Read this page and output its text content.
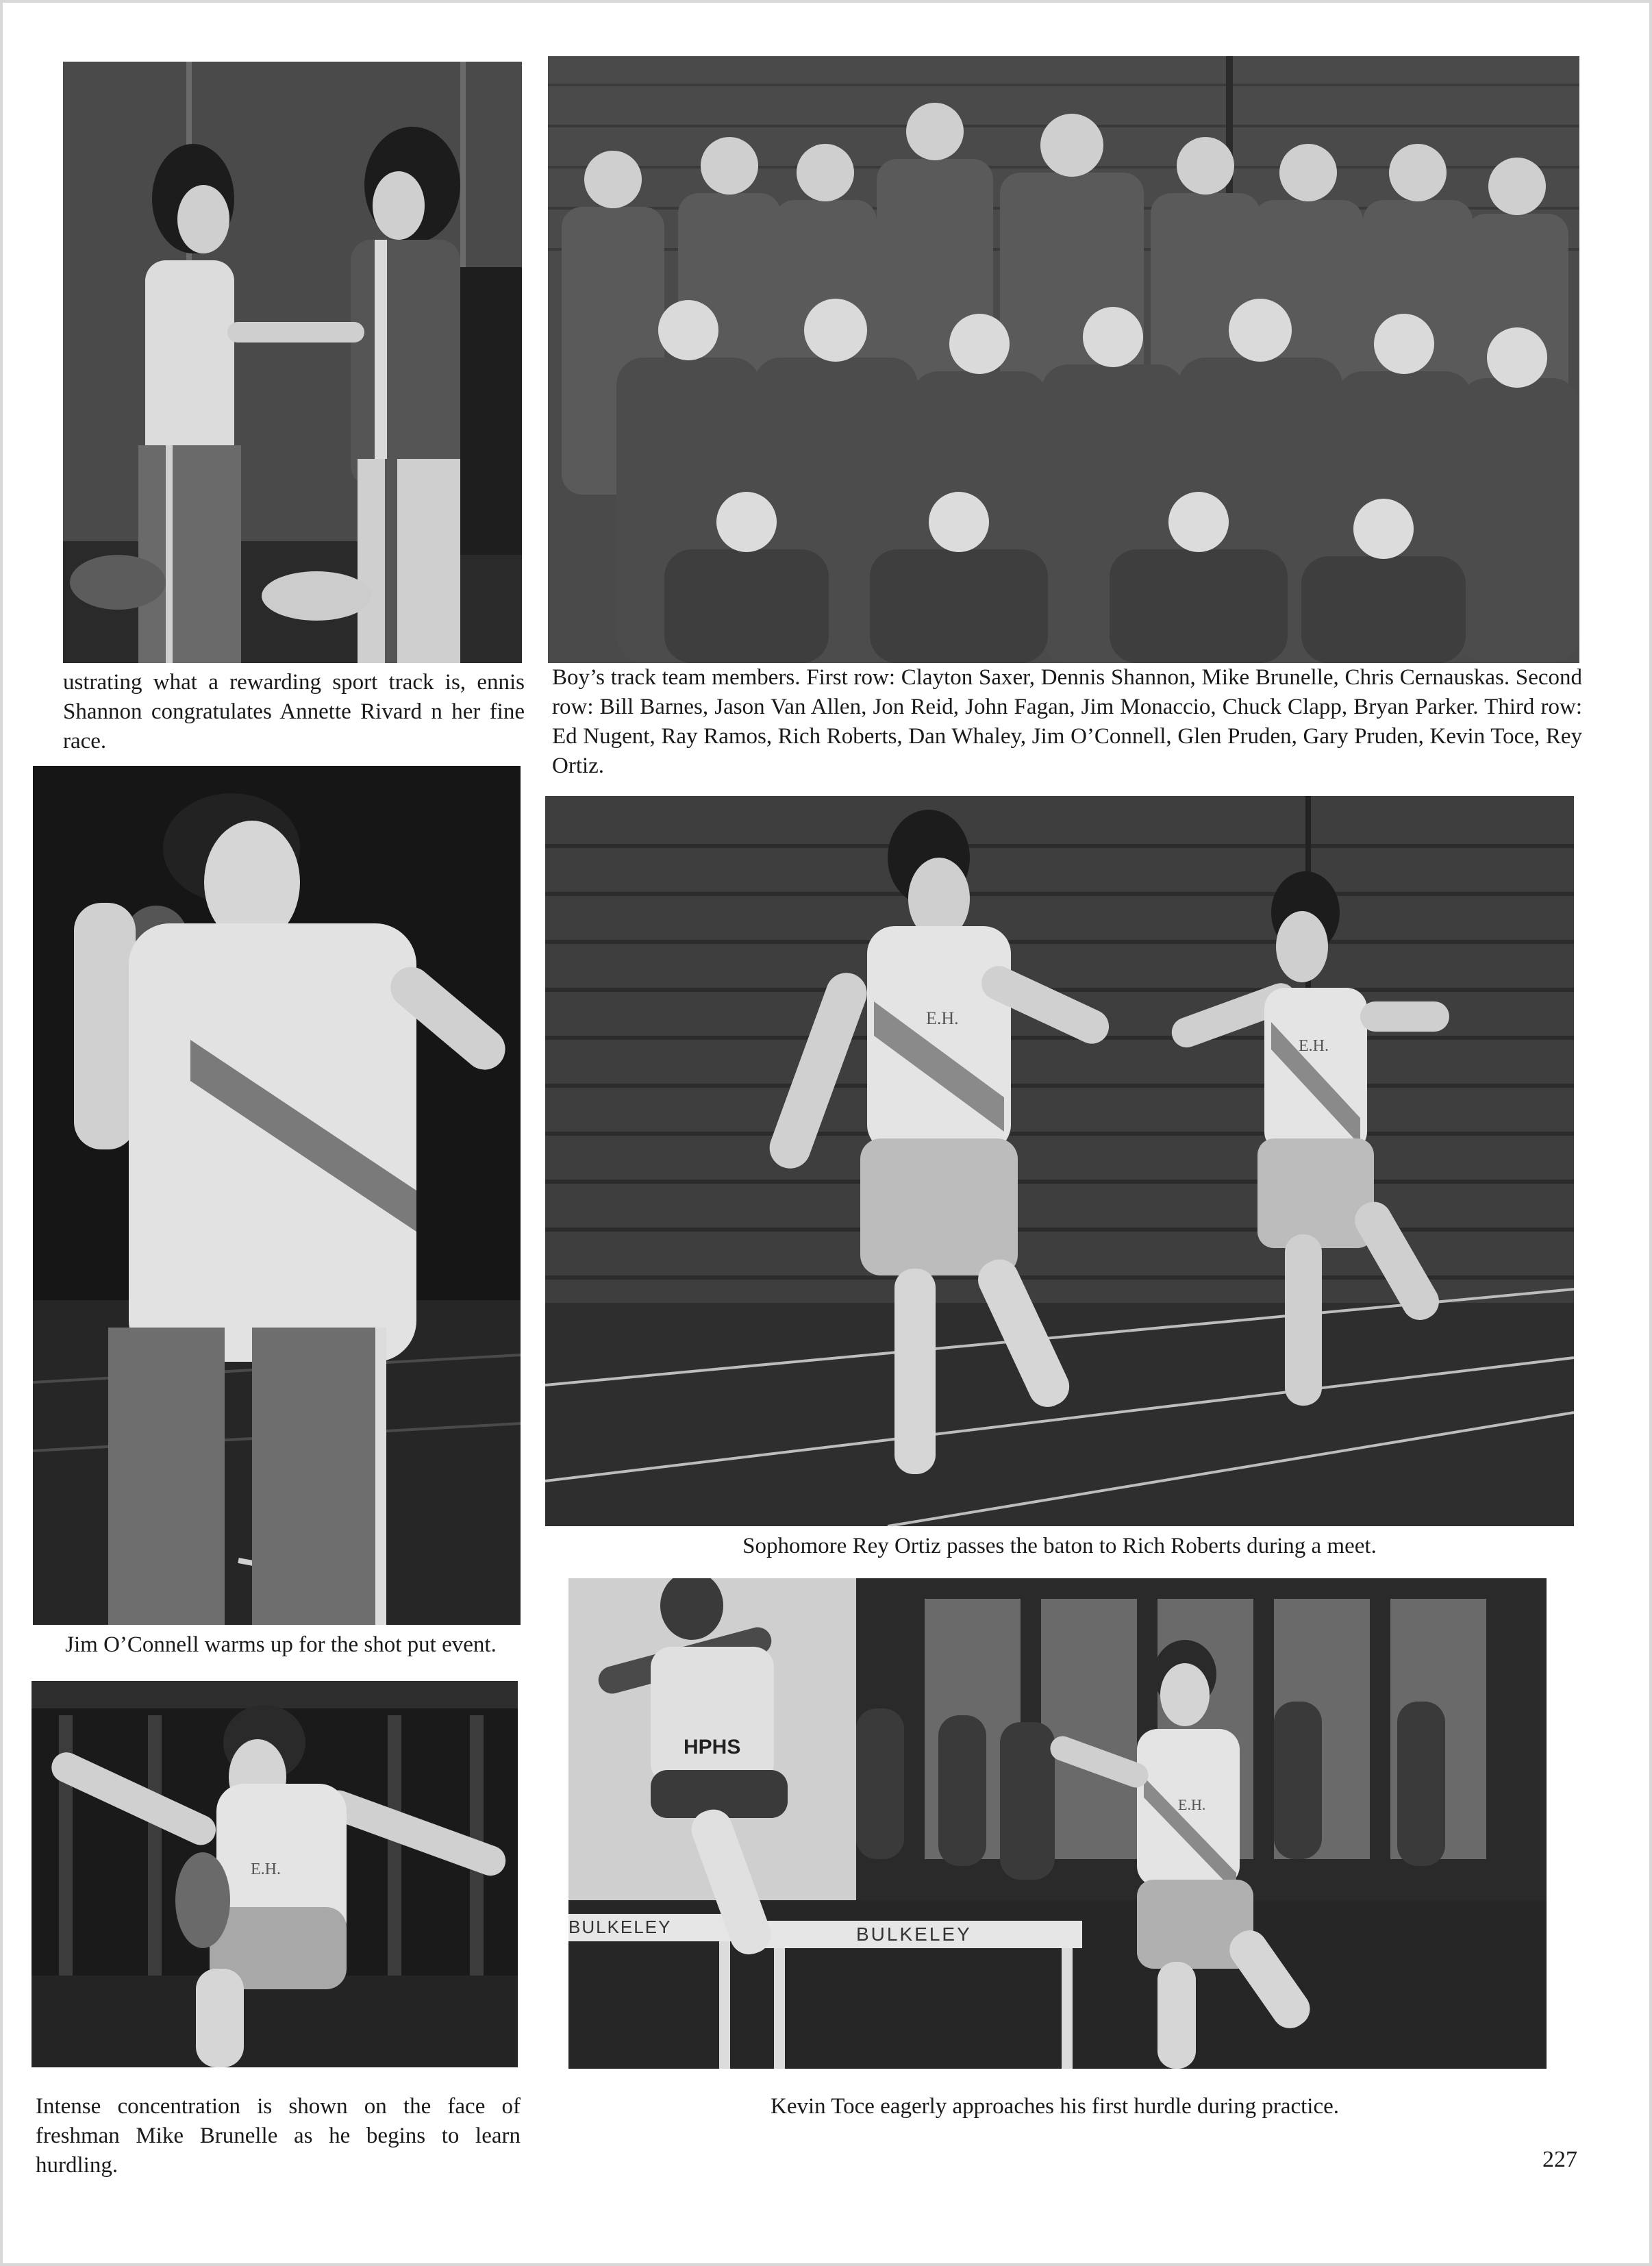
ustrating what a rewarding sport track is, ennis Shannon congratulates Annette Rivard n her fine race.

Boy’s track team members. First row: Clayton Saxer, Dennis Shannon, Mike Brunelle, Chris Cernauskas. Second row: Bill Barnes, Jason Van Allen, Jon Reid, John Fagan, Jim Monaccio, Chuck Clapp, Bryan Parker. Third row: Ed Nugent, Ray Ramos, Rich Roberts, Dan Whaley, Jim O’Connell, Glen Pruden, Gary Pruden, Kevin Toce, Rey Ortiz.

Jim O’Connell warms up for the shot put event.

E.H.
E.H.

Sophomore Rey Ortiz passes the baton to Rich Roberts during a meet.

E.H.

Intense concentration is shown on the face of freshman Mike Brunelle as he begins to learn hurdling.

HPHS
E.H.
BULKELEY	BULKELEY

Kevin Toce eagerly approaches his first hurdle during practice.

227
